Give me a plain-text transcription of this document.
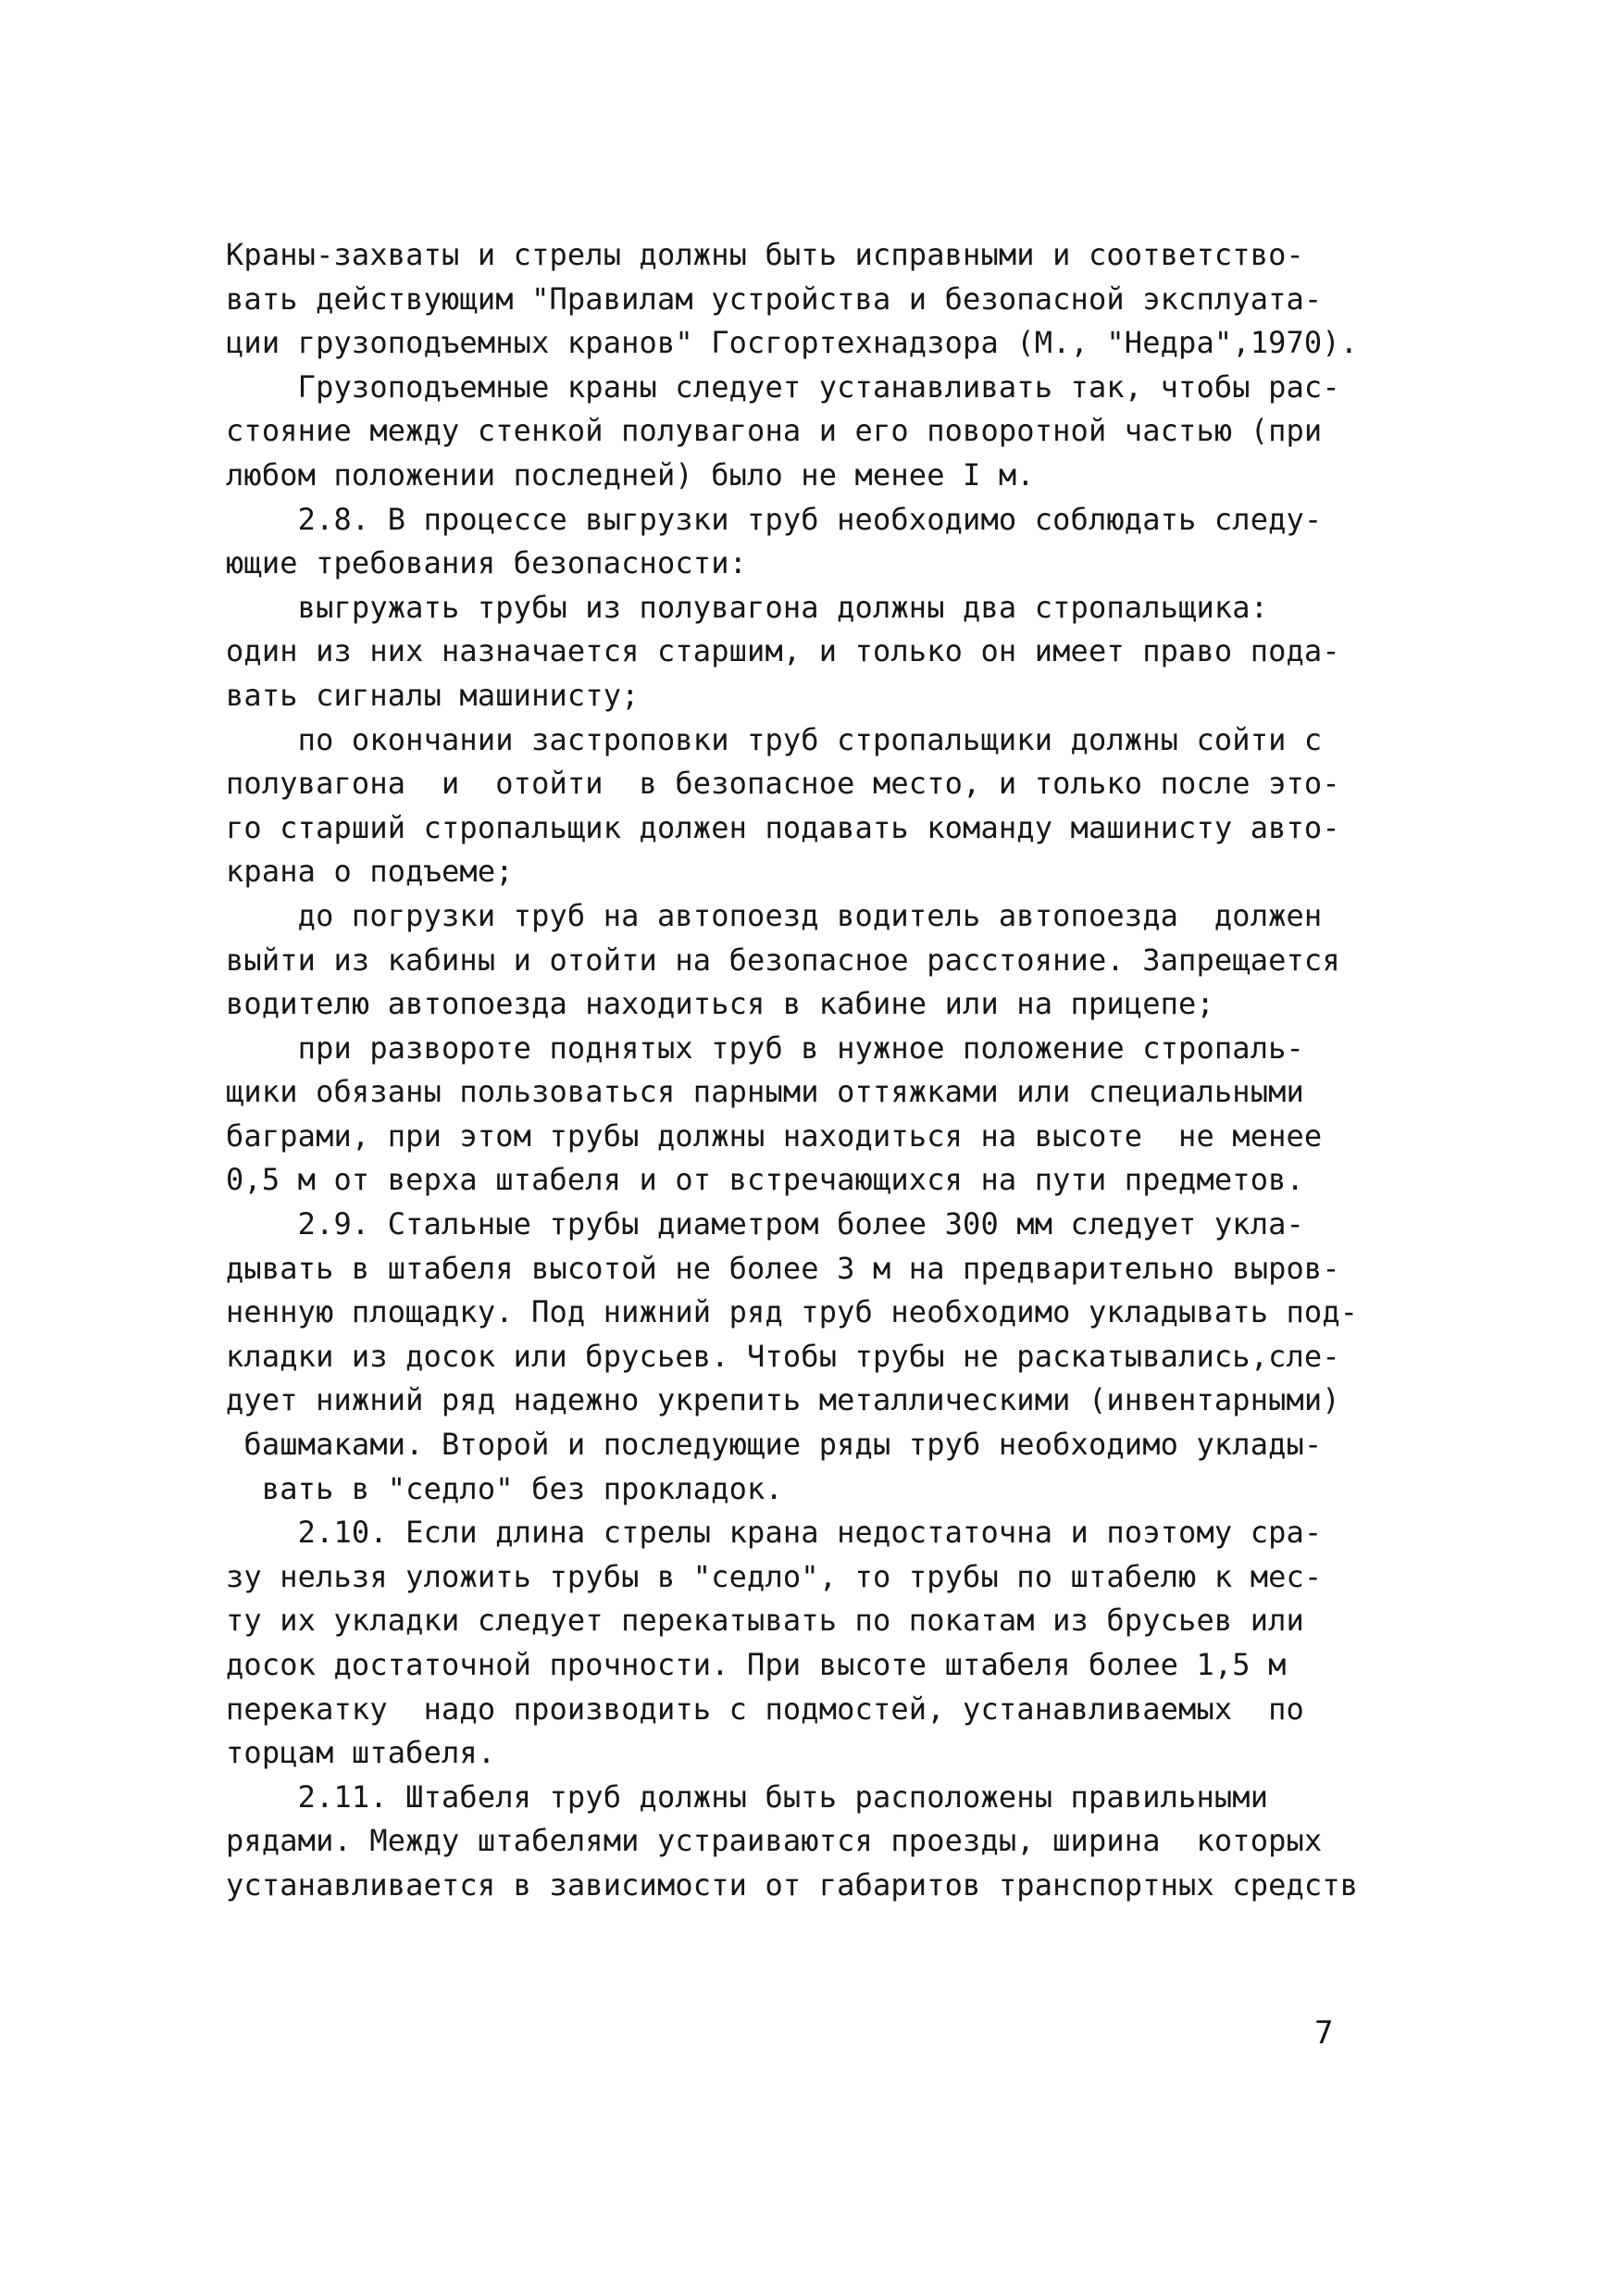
Краны-захваты и стрелы должны быть исправными и соответство-
вать действующим "Правилам устройства и безопасной эксплуата-
ции грузоподъемных кранов" Госгортехнадзора (М., "Недра",1970).
Грузоподъемные краны следует устанавливать так, чтобы рас-
стояние между стенкой полувагона и его поворотной частью (при
любом положении последней) было не менее I м.
2.8. В процессе выгрузки труб необходимо соблюдать следу-
ющие требования безопасности:
выгружать трубы из полувагона должны два стропальщика:
один из них назначается старшим, и только он имеет право пода-
вать сигналы машинисту;
по окончании застроповки труб стропальщики должны сойти с
полувагона  и  отойти  в безопасное место, и только после это-
го старший стропальщик должен подавать команду машинисту авто-
крана о подъеме;
до погрузки труб на автопоезд водитель автопоезда  должен
выйти из кабины и отойти на безопасное расстояние. Запрещается
водителю автопоезда находиться в кабине или на прицепе;
при развороте поднятых труб в нужное положение стропаль-
щики обязаны пользоваться парными оттяжками или специальными
баграми, при этом трубы должны находиться на высоте  не менее
0,5 м от верха штабеля и от встречающихся на пути предметов.
2.9. Стальные трубы диаметром более 300 мм следует укла-
дывать в штабеля высотой не более 3 м на предварительно выров-
ненную площадку. Под нижний ряд труб необходимо укладывать под-
кладки из досок или брусьев. Чтобы трубы не раскатывались,сле-
дует нижний ряд надежно укрепить металлическими (инвентарными)
башмаками. Второй и последующие ряды труб необходимо уклады-
вать в "седло" без прокладок.
2.10. Если длина стрелы крана недостаточна и поэтому сра-
зу нельзя уложить трубы в "седло", то трубы по штабелю к мес-
ту их укладки следует перекатывать по покатам из брусьев или
досок достаточной прочности. При высоте штабеля более 1,5 м
перекатку  надо производить с подмостей, устанавливаемых  по
торцам штабеля.
2.11. Штабеля труб должны быть расположены правильными
рядами. Между штабелями устраиваются проезды, ширина  которых
устанавливается в зависимости от габаритов транспортных средств
7
